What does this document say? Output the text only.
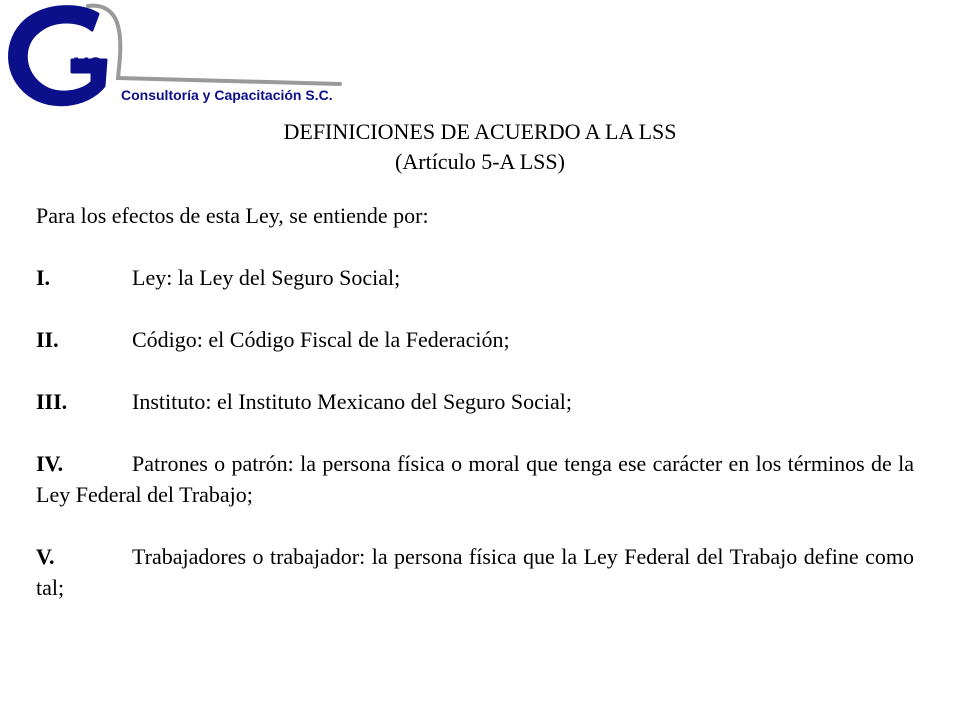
va
Consultoría y Capacitación S.C.
DEFINICIONES DE ACUERDO A LA LSS
(Artículo 5-A LSS)

Para los efectos de esta Ley, se entiende por:

I.	Ley: la Ley del Seguro Social;

II.	Código: el Código Fiscal de la Federación;

III.	Instituto: el Instituto Mexicano del Seguro Social;

IV.	Patrones o patrón: la persona física o moral que tenga ese carácter en los términos de la Ley Federal del Trabajo;

V.	Trabajadores o trabajador: la persona física que la Ley Federal del Trabajo define como tal;
